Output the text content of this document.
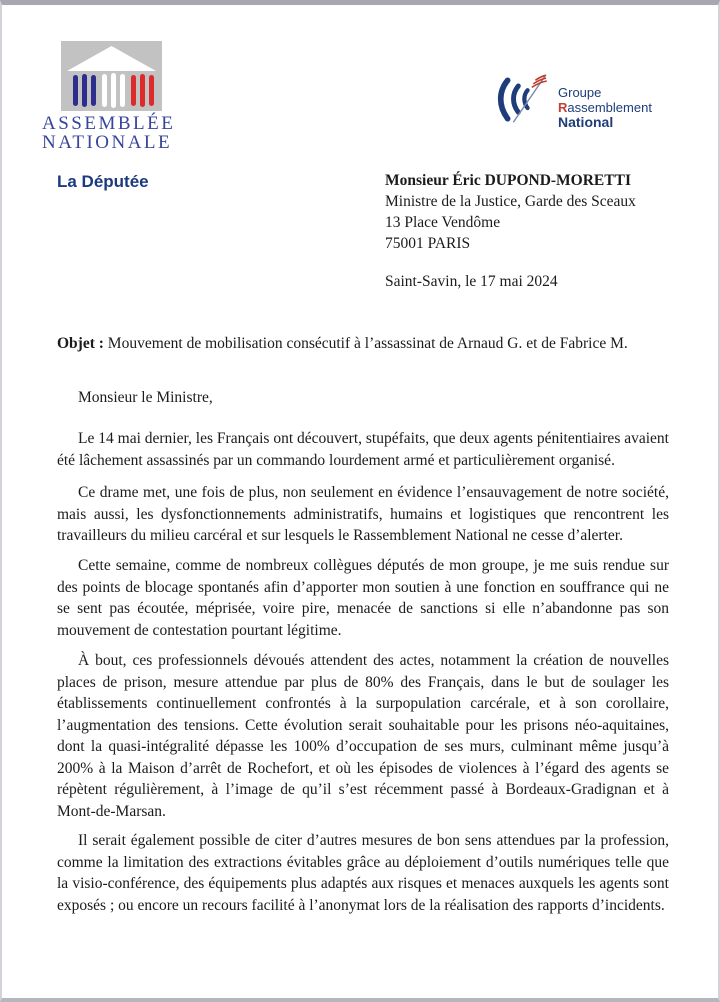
ASSEMBLÉE
NATIONALE
La Députée
Groupe
Rassemblement
National
Monsieur Éric DUPOND-MORETTI
Ministre de la Justice, Garde des Sceaux
13 Place Vendôme
75001 PARIS
Saint-Savin, le 17 mai 2024
Objet : Mouvement de mobilisation consécutif à l’assassinat de Arnaud G. et de Fabrice M.
Monsieur le Ministre,

Le 14 mai dernier, les Français ont découvert, stupéfaits, que deux agents pénitentiaires avaient été lâchement assassinés par un commando lourdement armé et particulièrement organisé.

Ce drame met, une fois de plus, non seulement en évidence l’ensauvagement de notre société, mais aussi, les dysfonctionnements administratifs, humains et logistiques que rencontrent les travailleurs du milieu carcéral et sur lesquels le Rassemblement National ne cesse d’alerter.

Cette semaine, comme de nombreux collègues députés de mon groupe, je me suis rendue sur des points de blocage spontanés afin d’apporter mon soutien à une fonction en souffrance qui ne se sent pas écoutée, méprisée, voire pire, menacée de sanctions si elle n’abandonne pas son mouvement de contestation pourtant légitime.

À bout, ces professionnels dévoués attendent des actes, notamment la création de nouvelles places de prison, mesure attendue par plus de 80% des Français, dans le but de soulager les établissements continuellement confrontés à la surpopulation carcérale, et à son corollaire, l’augmentation des tensions. Cette évolution serait souhaitable pour les prisons néo-aquitaines, dont la quasi-intégralité dépasse les 100% d’occupation de ses murs, culminant même jusqu’à 200% à la Maison d’arrêt de Rochefort, et où les épisodes de violences à l’égard des agents se répètent régulièrement, à l’image de qu’il s’est récemment passé à Bordeaux-Gradignan et à Mont-de-Marsan.

Il serait également possible de citer d’autres mesures de bon sens attendues par la profession, comme la limitation des extractions évitables grâce au déploiement d’outils numériques telle que la visio-conférence, des équipements plus adaptés aux risques et menaces auxquels les agents sont exposés ; ou encore un recours facilité à l’anonymat lors de la réalisation des rapports d’incidents.
